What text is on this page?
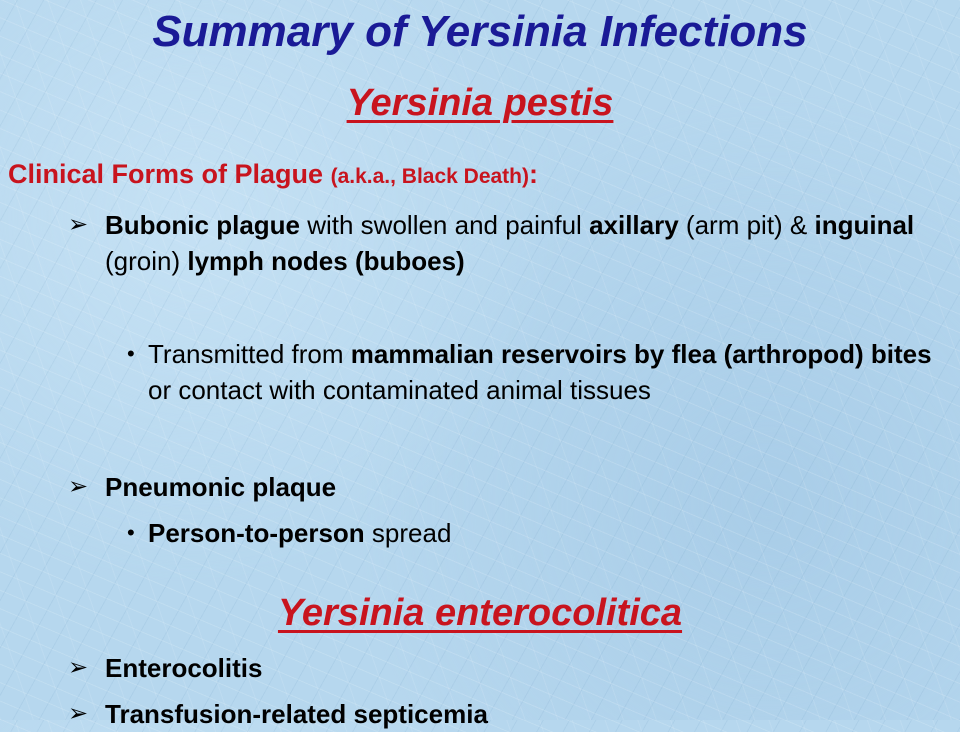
Summary of Yersinia Infections
Yersinia pestis
Clinical Forms of Plague (a.k.a., Black Death):
➢ Bubonic plague with swollen and painful axillary (arm pit) & inguinal (groin) lymph nodes (buboes)
• Transmitted from mammalian reservoirs by flea (arthropod) bites or contact with contaminated animal tissues
➢ Pneumonic plaque
• Person-to-person spread
Yersinia enterocolitica
➢ Enterocolitis
➢ Transfusion-related septicemia
